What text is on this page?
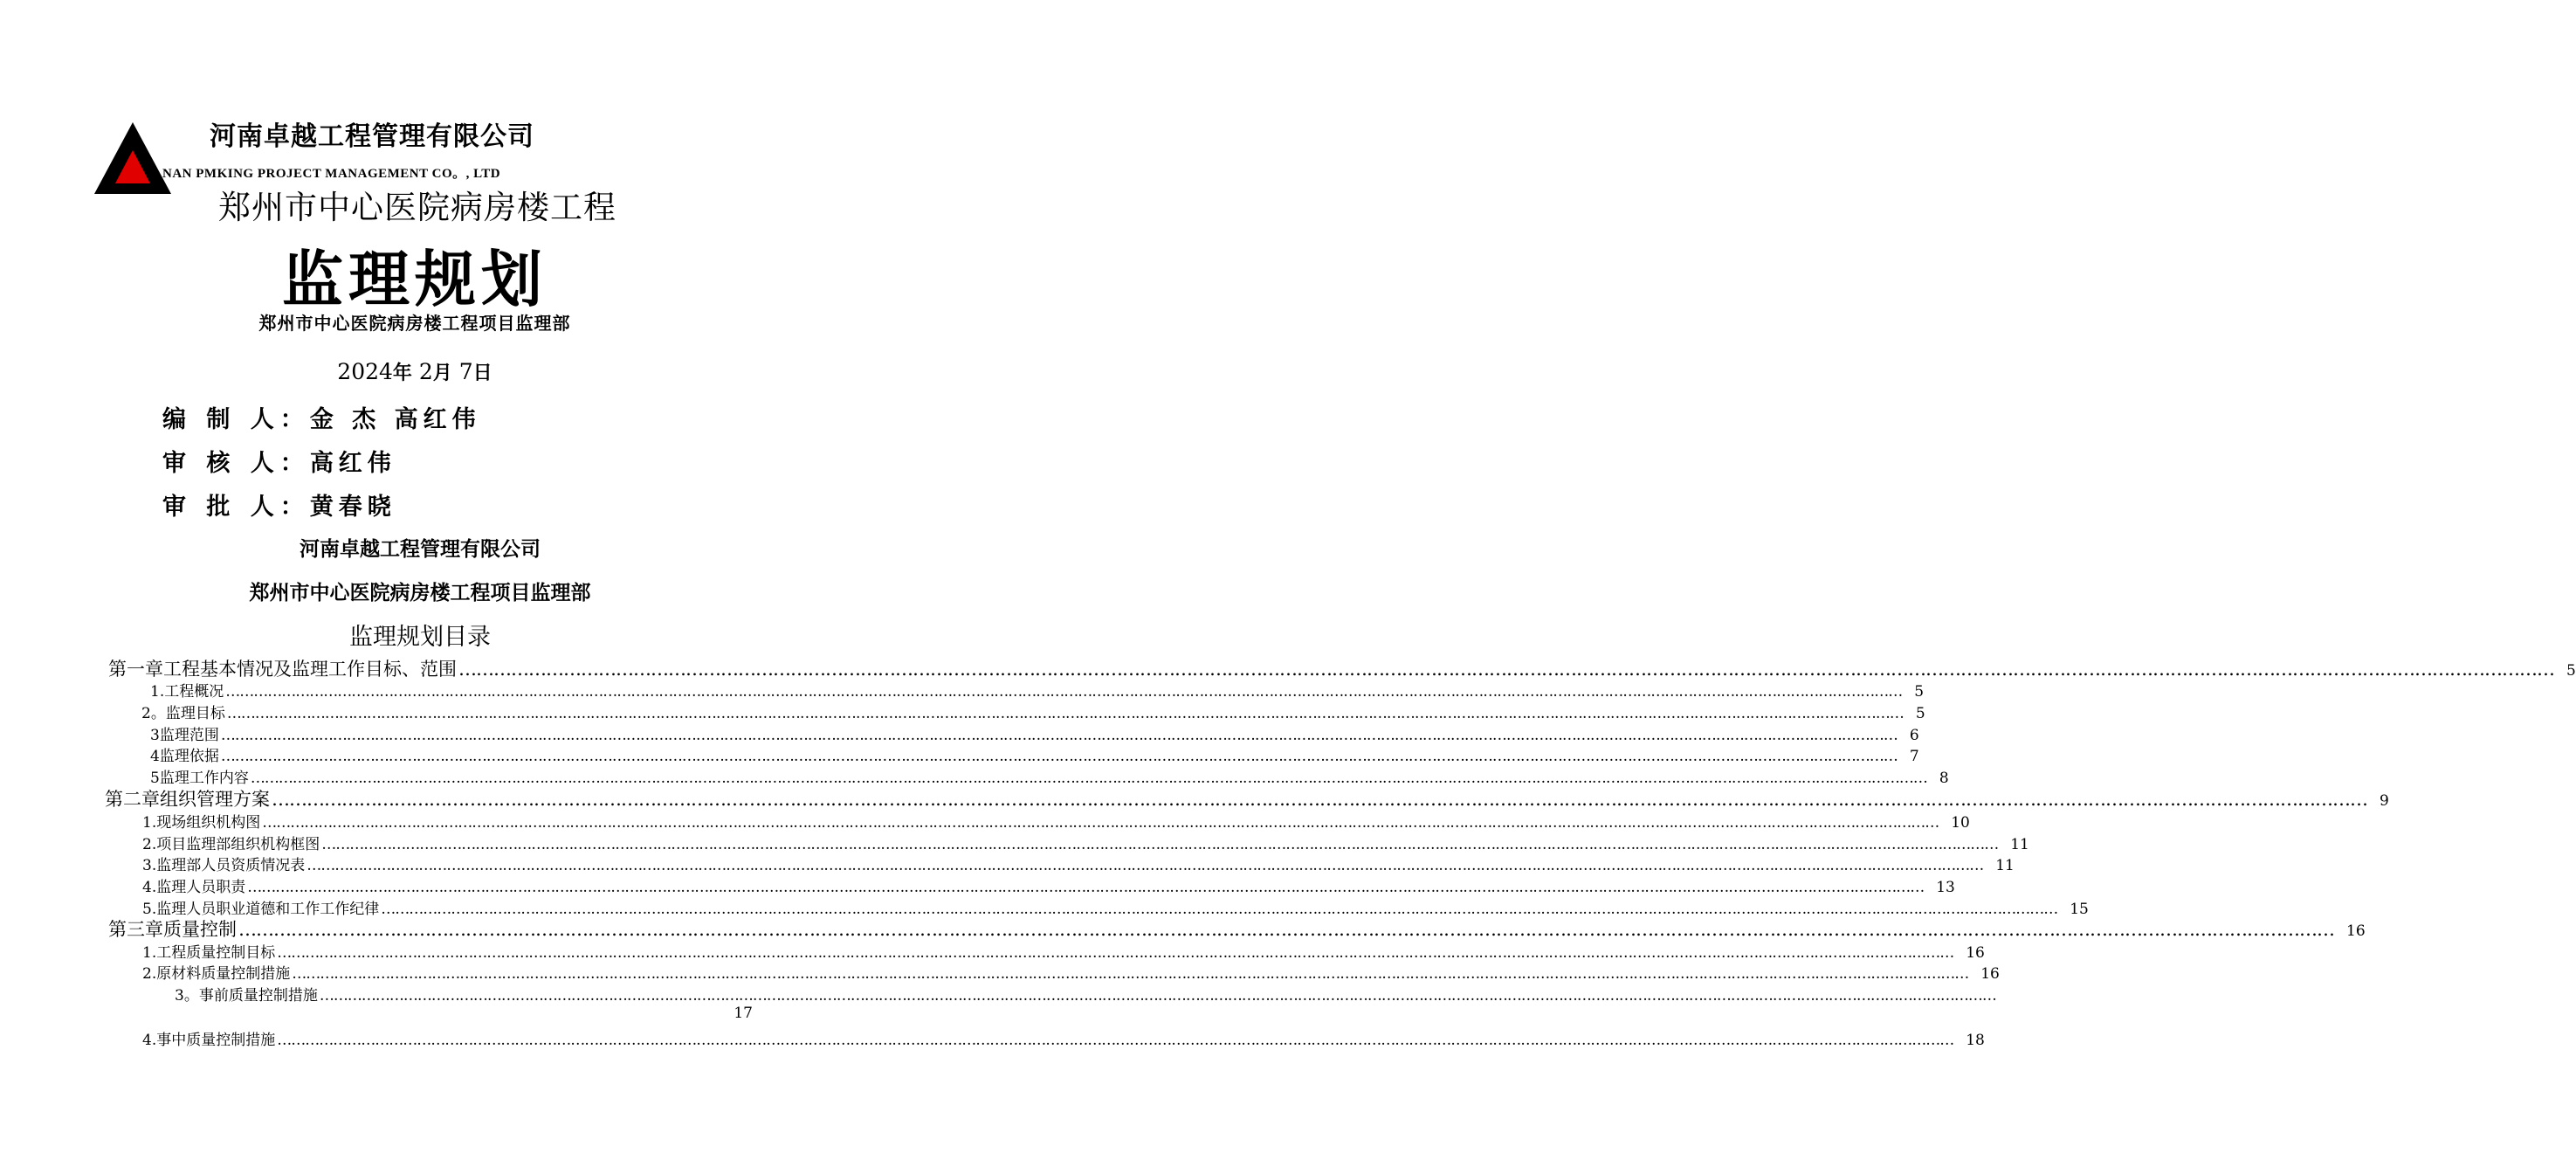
河南卓越工程管理有限公司
NAN PMKING PROJECT MANAGEMENT CO。, LTD
郑州市中心医院病房楼工程
监理规划
郑州市中心医院病房楼工程项目监理部
2024年 2月 7日
编 制 人：金 杰 高红伟
审 核 人：高红伟
审 批 人：黄春晓
河南卓越工程管理有限公司
郑州市中心医院病房楼工程项目监理部
监理规划目录
第一章 工程基本情况及监理工作目标、范围 ……………………………………………………………………………………………………………………………………………………………………………………………………………………………………………………………………………………………………………………………… 5
1. 工程概况 ……………………………………………………………………………………………………………………………………………………………………………………………………………………………………………………………………………………………………………………………… 5
2。 监理目标 ……………………………………………………………………………………………………………………………………………………………………………………………………………………………………………………………………………………………………………………………… 5
3 监理范围 ……………………………………………………………………………………………………………………………………………………………………………………………………………………………………………………………………………………………………………………………… 6
4 监理依据 ……………………………………………………………………………………………………………………………………………………………………………………………………………………………………………………………………………………………………………………………… 7
5 监理工作内容 ……………………………………………………………………………………………………………………………………………………………………………………………………………………………………………………………………………………………………………………………… 8
第二章 组织管理方案 ……………………………………………………………………………………………………………………………………………………………………………………………………………………………………………………………………………………………………………………………… 9
1. 现场组织机构图 ……………………………………………………………………………………………………………………………………………………………………………………………………………………………………………………………………………………………………………………………… 10
2. 项目监理部组织机构框图 ……………………………………………………………………………………………………………………………………………………………………………………………………………………………………………………………………………………………………………………………… 11
3. 监理部人员资质情况表 ……………………………………………………………………………………………………………………………………………………………………………………………………………………………………………………………………………………………………………………………… 11
4. 监理人员职责 ……………………………………………………………………………………………………………………………………………………………………………………………………………………………………………………………………………………………………………………………… 13
5. 监理人员职业道德和工作工作纪律 ……………………………………………………………………………………………………………………………………………………………………………………………………………………………………………………………………………………………………………………………… 15
第三章 质量控制 ……………………………………………………………………………………………………………………………………………………………………………………………………………………………………………………………………………………………………………………………… 16
1. 工程质量控制目标 ……………………………………………………………………………………………………………………………………………………………………………………………………………………………………………………………………………………………………………………………… 16
2. 原材料质量控制措施 ……………………………………………………………………………………………………………………………………………………………………………………………………………………………………………………………………………………………………………………………… 16
3。 事前质量控制措施 ………………………………………………………………………………………………………………………………………………………………………………………………………………………………………………………………………………………………………………………………
17
4. 事中质量控制措施 ……………………………………………………………………………………………………………………………………………………………………………………………………………………………………………………………………………………………………………………………… 18
